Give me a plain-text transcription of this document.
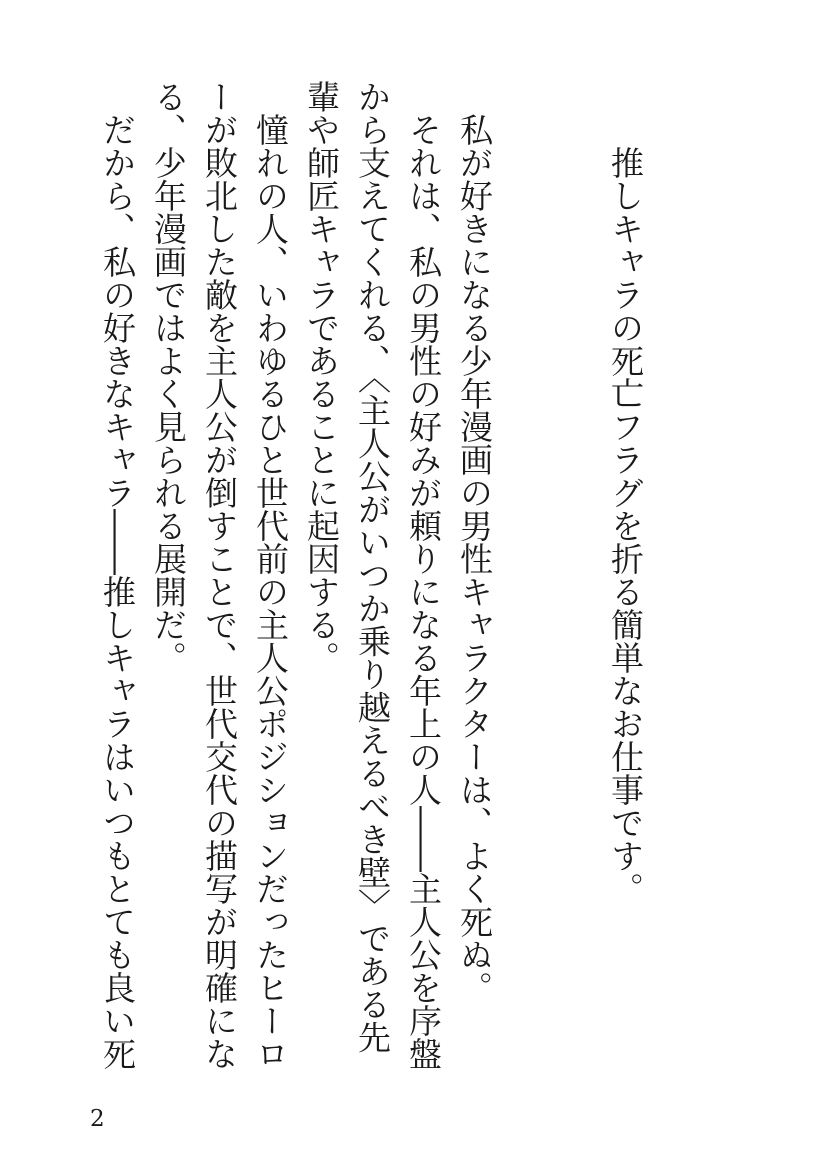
推しキャラの死亡フラグを折る簡単なお仕事です。
私が好きになる少年漫画の男性キャラクターは、よく死ぬ。
それは、私の男性の好みが頼りになる年上の人――主人公を序盤
から支えてくれる、〈主人公がいつか乗り越えるべき壁〉である先
輩や師匠キャラであることに起因する。
憧れの人、いわゆるひと世代前の主人公ポジションだったヒーロ
ーが敗北した敵を主人公が倒すことで、世代交代の描写が明確にな
る、少年漫画ではよく見られる展開だ。
だから、私の好きなキャラ――推しキャラはいつもとても良い死
2
